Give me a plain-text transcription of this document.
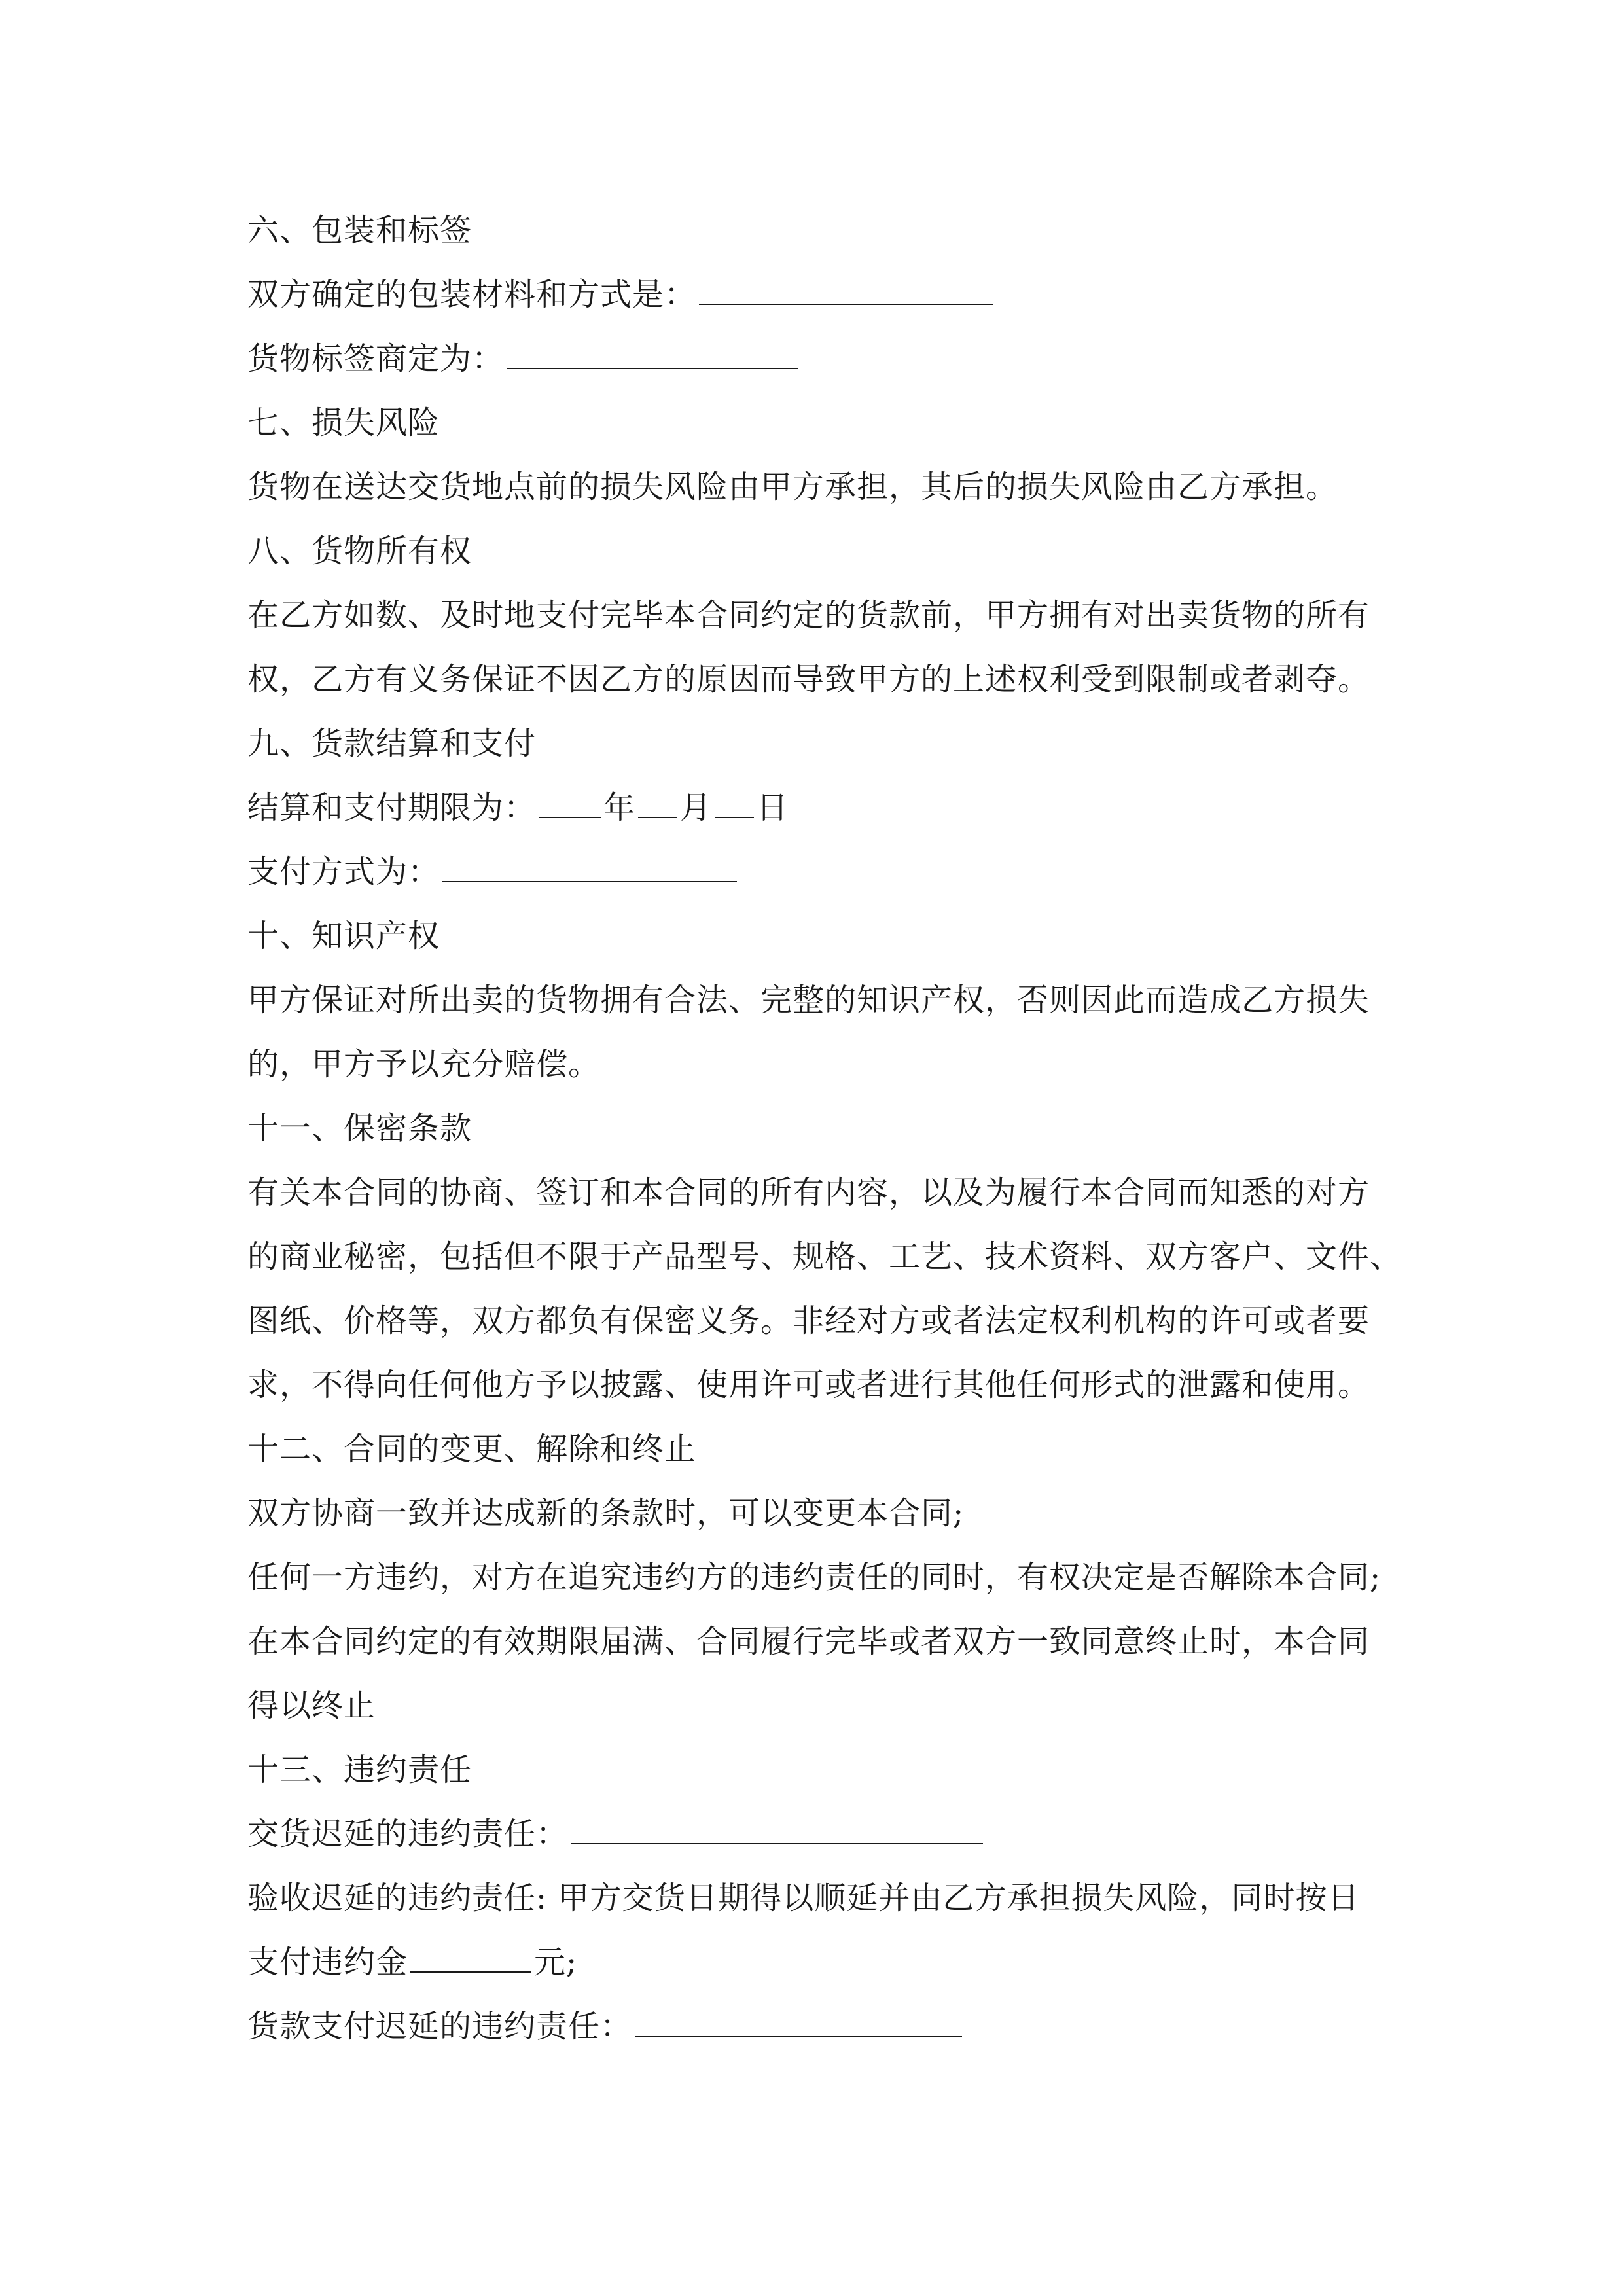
六、包装和标签
双方确定的包装材料和方式是：
货物标签商定为：
七、损失风险
货物在送达交货地点前的损失风险由甲方承担，其后的损失风险由乙方承担。
八、货物所有权
在乙方如数、及时地支付完毕本合同约定的货款前，甲方拥有对出卖货物的所有
权，乙方有义务保证不因乙方的原因而导致甲方的上述权利受到限制或者剥夺。
九、货款结算和支付
结算和支付期限为： 年 月 日
支付方式为：
十、知识产权
甲方保证对所出卖的货物拥有合法、完整的知识产权，否则因此而造成乙方损失
的，甲方予以充分赔偿。
十一、保密条款
有关本合同的协商、签订和本合同的所有内容，以及为履行本合同而知悉的对方
的商业秘密，包括但不限于产品型号、规格、工艺、技术资料、双方客户、文件、
图纸、价格等，双方都负有保密义务。非经对方或者法定权利机构的许可或者要
求，不得向任何他方予以披露、使用许可或者进行其他任何形式的泄露和使用。
十二、合同的变更、解除和终止
双方协商一致并达成新的条款时，可以变更本合同;
任何一方违约，对方在追究违约方的违约责任的同时，有权决定是否解除本合同;
在本合同约定的有效期限届满、合同履行完毕或者双方一致同意终止时，本合同
得以终止
十三、违约责任
交货迟延的违约责任：
验收迟延的违约责任: 甲方交货日期得以顺延并由乙方承担损失风险，同时按日
支付违约金	元;
货款支付迟延的违约责任：
